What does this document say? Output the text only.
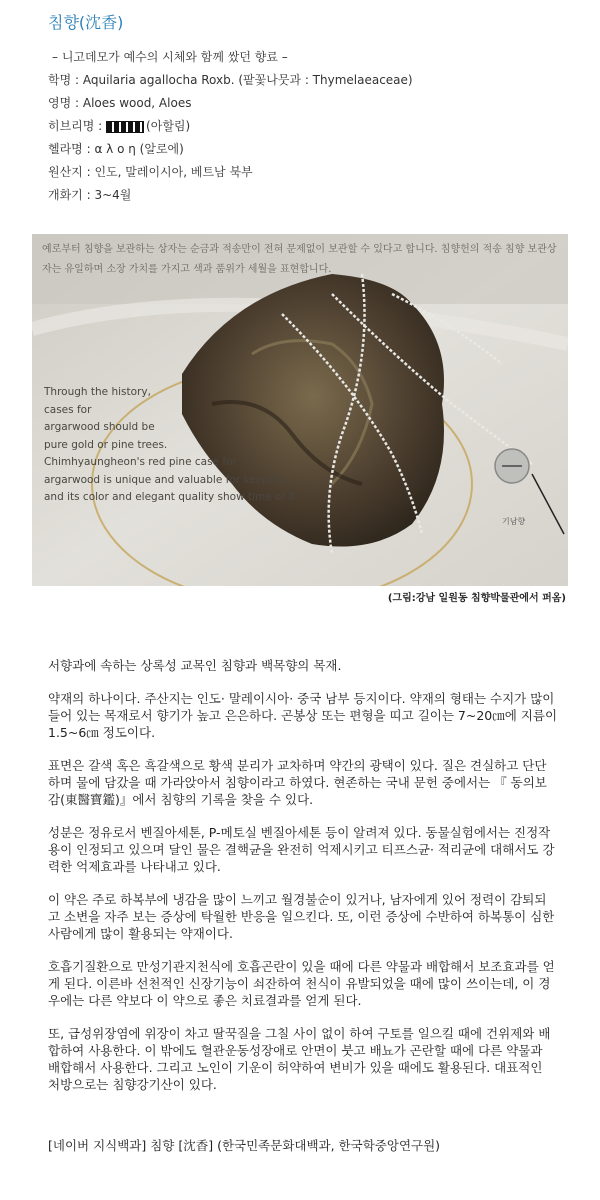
침향(沈香)
– 니고데모가 예수의 시체와 함께 쌌던 향료 –
학명 : Aquilaria agallocha Roxb. (팥꽃나뭇과 : Thymelaeaceae)
영명 : Aloes wood, Aloes
히브리명 :	(아할림)
헬라명 : α λ ο η (알로에)
원산지 : 인도, 말레이시아, 베트남 북부
개화기 : 3~4월
예로부터 침향을 보관하는 상자는 순금과 적송만이 전혀 문제없이 보관할 수 있다고 합니다. 침향헌의 적송 침향 보관상자는 유일하며 소장 가치를 가지고 색과 품위가 세월을 표현합니다.
Through the history,
cases for
argarwood should be
pure gold or pine trees.
Chimhyaungheon's red pine case for
argarwood is unique and valuable for keeping
and its color and elegant quality show time of it.
기남향
(그림:강남 일원동 침향박물관에서 퍼옴)

서향과에 속하는 상록성 교목인 침향과 백목향의 목재.

약재의 하나이다. 주산지는 인도· 말레이시아· 중국 남부 등지이다. 약재의 형태는 수지가 많이 들어 있는 목재로서 향기가 높고 은은하다. 곤봉상 또는 편형을 띠고 길이는 7~20㎝에 지름이 1.5~6㎝ 정도이다.

표면은 갈색 혹은 흑갈색으로 황색 분리가 교차하며 약간의 광택이 있다. 질은 견실하고 단단하며 물에 담갔을 때 가라앉아서 침향이라고 하였다. 현존하는 국내 문헌 중에서는 『 동의보감(東醫寶鑑)』에서 침향의 기록을 찾을 수 있다.

성분은 정유로서 벤질아세톤, P-메토실 벤질아세톤 등이 알려져 있다. 동물실험에서는 진정작용이 인정되고 있으며 달인 물은 결핵균을 완전히 억제시키고 티프스균· 적리균에 대해서도 강력한 억제효과를 나타내고 있다.

이 약은 주로 하복부에 냉감을 많이 느끼고 월경불순이 있거나, 남자에게 있어 정력이 감퇴되고 소변을 자주 보는 증상에 탁월한 반응을 일으킨다. 또, 이런 증상에 수반하여 하복통이 심한 사람에게 많이 활용되는 약재이다.

호흡기질환으로 만성기관지천식에 호흡곤란이 있을 때에 다른 약물과 배합해서 보조효과를 얻게 된다. 이른바 선천적인 신장기능이 쇠잔하여 천식이 유발되었을 때에 많이 쓰이는데, 이 경우에는 다른 약보다 이 약으로 좋은 치료결과를 얻게 된다.

또, 급성위장염에 위장이 차고 딸꾹질을 그칠 사이 없이 하여 구토를 일으킬 때에 건위제와 배합하여 사용한다. 이 밖에도 혈관운동성장애로 안면이 붓고 배뇨가 곤란할 때에 다른 약물과 배합해서 사용한다. 그리고 노인이 기운이 허약하여 변비가 있을 때에도 활용된다. 대표적인 처방으로는 침향강기산이 있다.

[네이버 지식백과] 침향 [沈香] (한국민족문화대백과, 한국학중앙연구원)
